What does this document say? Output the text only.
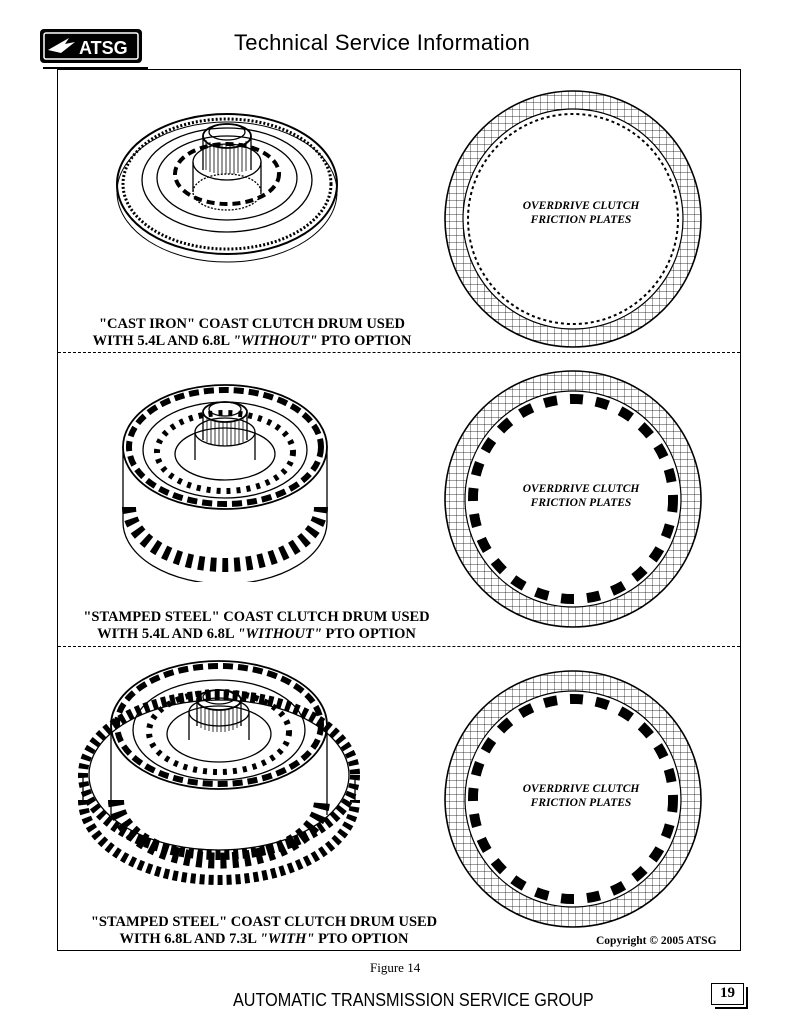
ATSG	Technical Service Information
OVERDRIVE CLUTCH
FRICTION PLATES
"CAST IRON" COAST CLUTCH DRUM USED
WITH 5.4L AND 6.8L "WITHOUT" PTO OPTION
OVERDRIVE CLUTCH
FRICTION PLATES
"STAMPED STEEL" COAST CLUTCH DRUM USED
WITH 5.4L AND 6.8L "WITHOUT" PTO OPTION
OVERDRIVE CLUTCH
FRICTION PLATES
"STAMPED STEEL" COAST CLUTCH DRUM USED
WITH 6.8L AND 7.3L "WITH" PTO OPTION	Copyright © 2005 ATSG
Figure 14
AUTOMATIC TRANSMISSION SERVICE GROUP	19
